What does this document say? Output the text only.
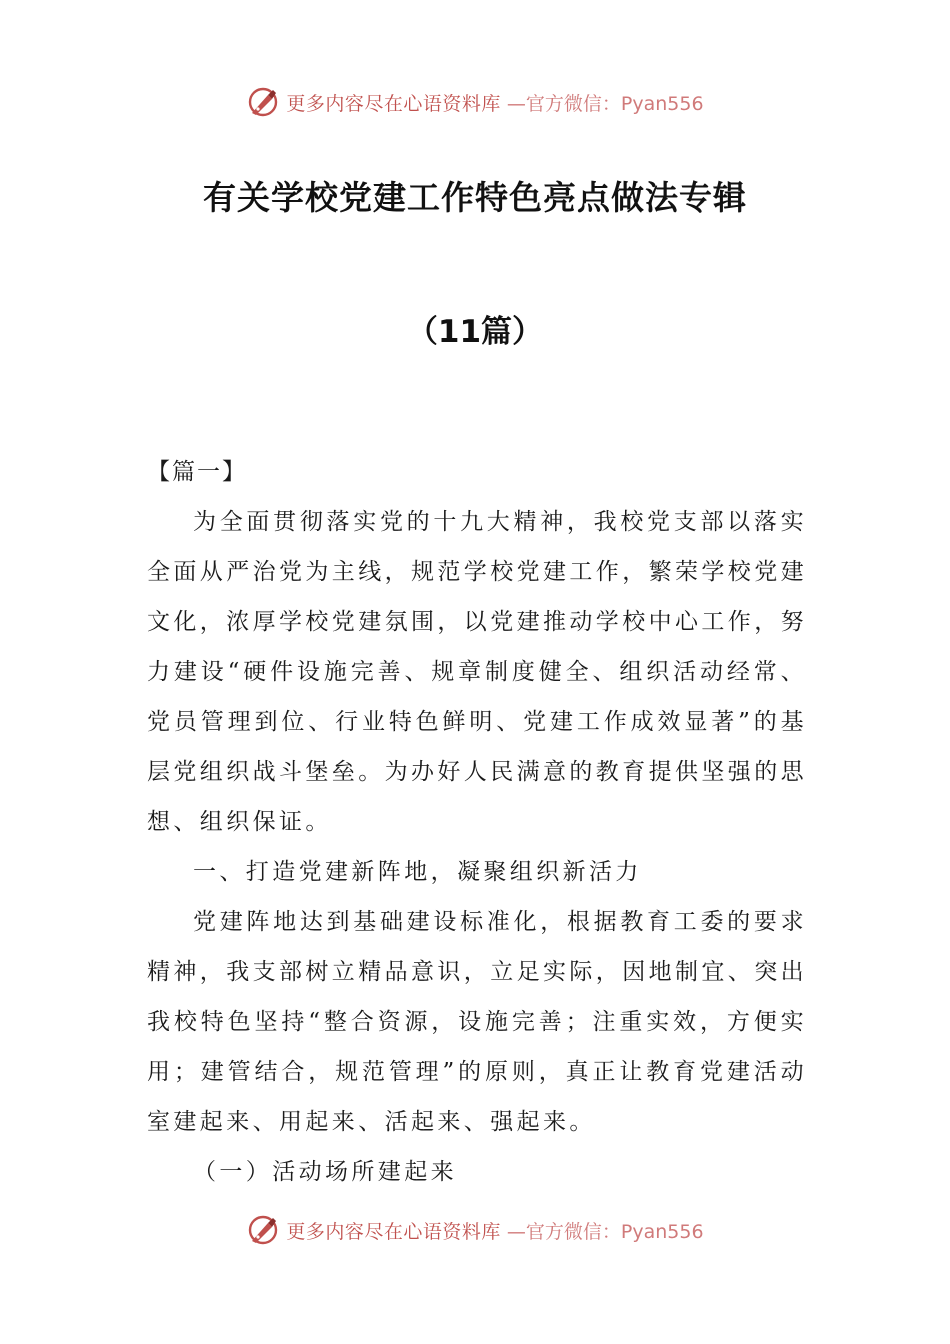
更多内容尽在心语资料库 —官方微信：Pyan556
有关学校党建工作特色亮点做法专辑
（11篇）

【篇一】

为全面贯彻落实党的十九大精神，我校党支部以落实全面从严治党为主线，规范学校党建工作，繁荣学校党建文化，浓厚学校党建氛围，以党建推动学校中心工作，努力建设“硬件设施完善、规章制度健全、组织活动经常、党员管理到位、行业特色鲜明、党建工作成效显著”的基层党组织战斗堡垒。为办好人民满意的教育提供坚强的思想、组织保证。

一、打造党建新阵地，凝聚组织新活力

党建阵地达到基础建设标准化，根据教育工委的要求精神，我支部树立精品意识，立足实际，因地制宜、突出我校特色坚持“整合资源，设施完善；注重实效，方便实用；建管结合，规范管理”的原则，真正让教育党建活动室建起来、用起来、活起来、强起来。

（一）活动场所建起来

更多内容尽在心语资料库 —官方微信：Pyan556
